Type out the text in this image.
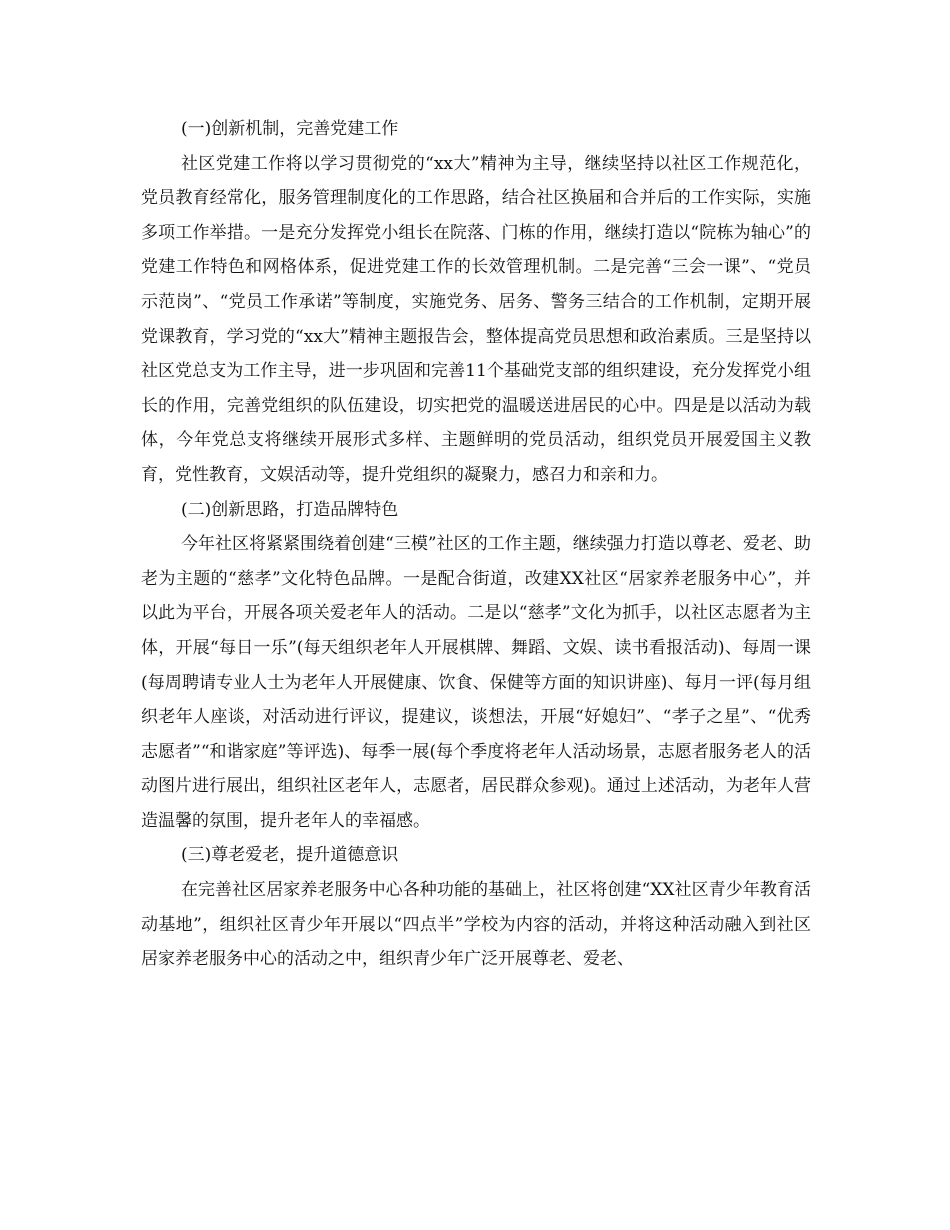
(一)创新机制，完善党建工作

社区党建工作将以学习贯彻党的“xx大”精神为主导，继续坚持以社区工作规范化，党员教育经常化，服务管理制度化的工作思路，结合社区换届和合并后的工作实际，实施多项工作举措。一是充分发挥党小组长在院落、门栋的作用，继续打造以“院栋为轴心”的党建工作特色和网格体系，促进党建工作的长效管理机制。二是完善“三会一课”、“党员示范岗”、“党员工作承诺”等制度，实施党务、居务、警务三结合的工作机制，定期开展党课教育，学习党的“xx大”精神主题报告会，整体提高党员思想和政治素质。三是坚持以社区党总支为工作主导，进一步巩固和完善11个基础党支部的组织建设，充分发挥党小组长的作用，完善党组织的队伍建设，切实把党的温暖送进居民的心中。四是是以活动为载体，今年党总支将继续开展形式多样、主题鲜明的党员活动，组织党员开展爱国主义教育，党性教育，文娱活动等，提升党组织的凝聚力，感召力和亲和力。

(二)创新思路，打造品牌特色

今年社区将紧紧围绕着创建“三模”社区的工作主题，继续强力打造以尊老、爱老、助老为主题的“慈孝”文化特色品牌。一是配合街道，改建XX社区“居家养老服务中心”，并以此为平台，开展各项关爱老年人的活动。二是以“慈孝”文化为抓手，以社区志愿者为主体，开展“每日一乐”(每天组织老年人开展棋牌、舞蹈、文娱、读书看报活动)、每周一课(每周聘请专业人士为老年人开展健康、饮食、保健等方面的知识讲座)、每月一评(每月组织老年人座谈，对活动进行评议，提建议，谈想法，开展“好媳妇”、“孝子之星”、“优秀志愿者”“和谐家庭”等评选)、每季一展(每个季度将老年人活动场景，志愿者服务老人的活动图片进行展出，组织社区老年人，志愿者，居民群众参观)。通过上述活动，为老年人营造温馨的氛围，提升老年人的幸福感。

(三)尊老爱老，提升道德意识

在完善社区居家养老服务中心各种功能的基础上，社区将创建“XX社区青少年教育活动基地”，组织社区青少年开展以“四点半”学校为内容的活动，并将这种活动融入到社区居家养老服务中心的活动之中，组织青少年广泛开展尊老、爱老、
